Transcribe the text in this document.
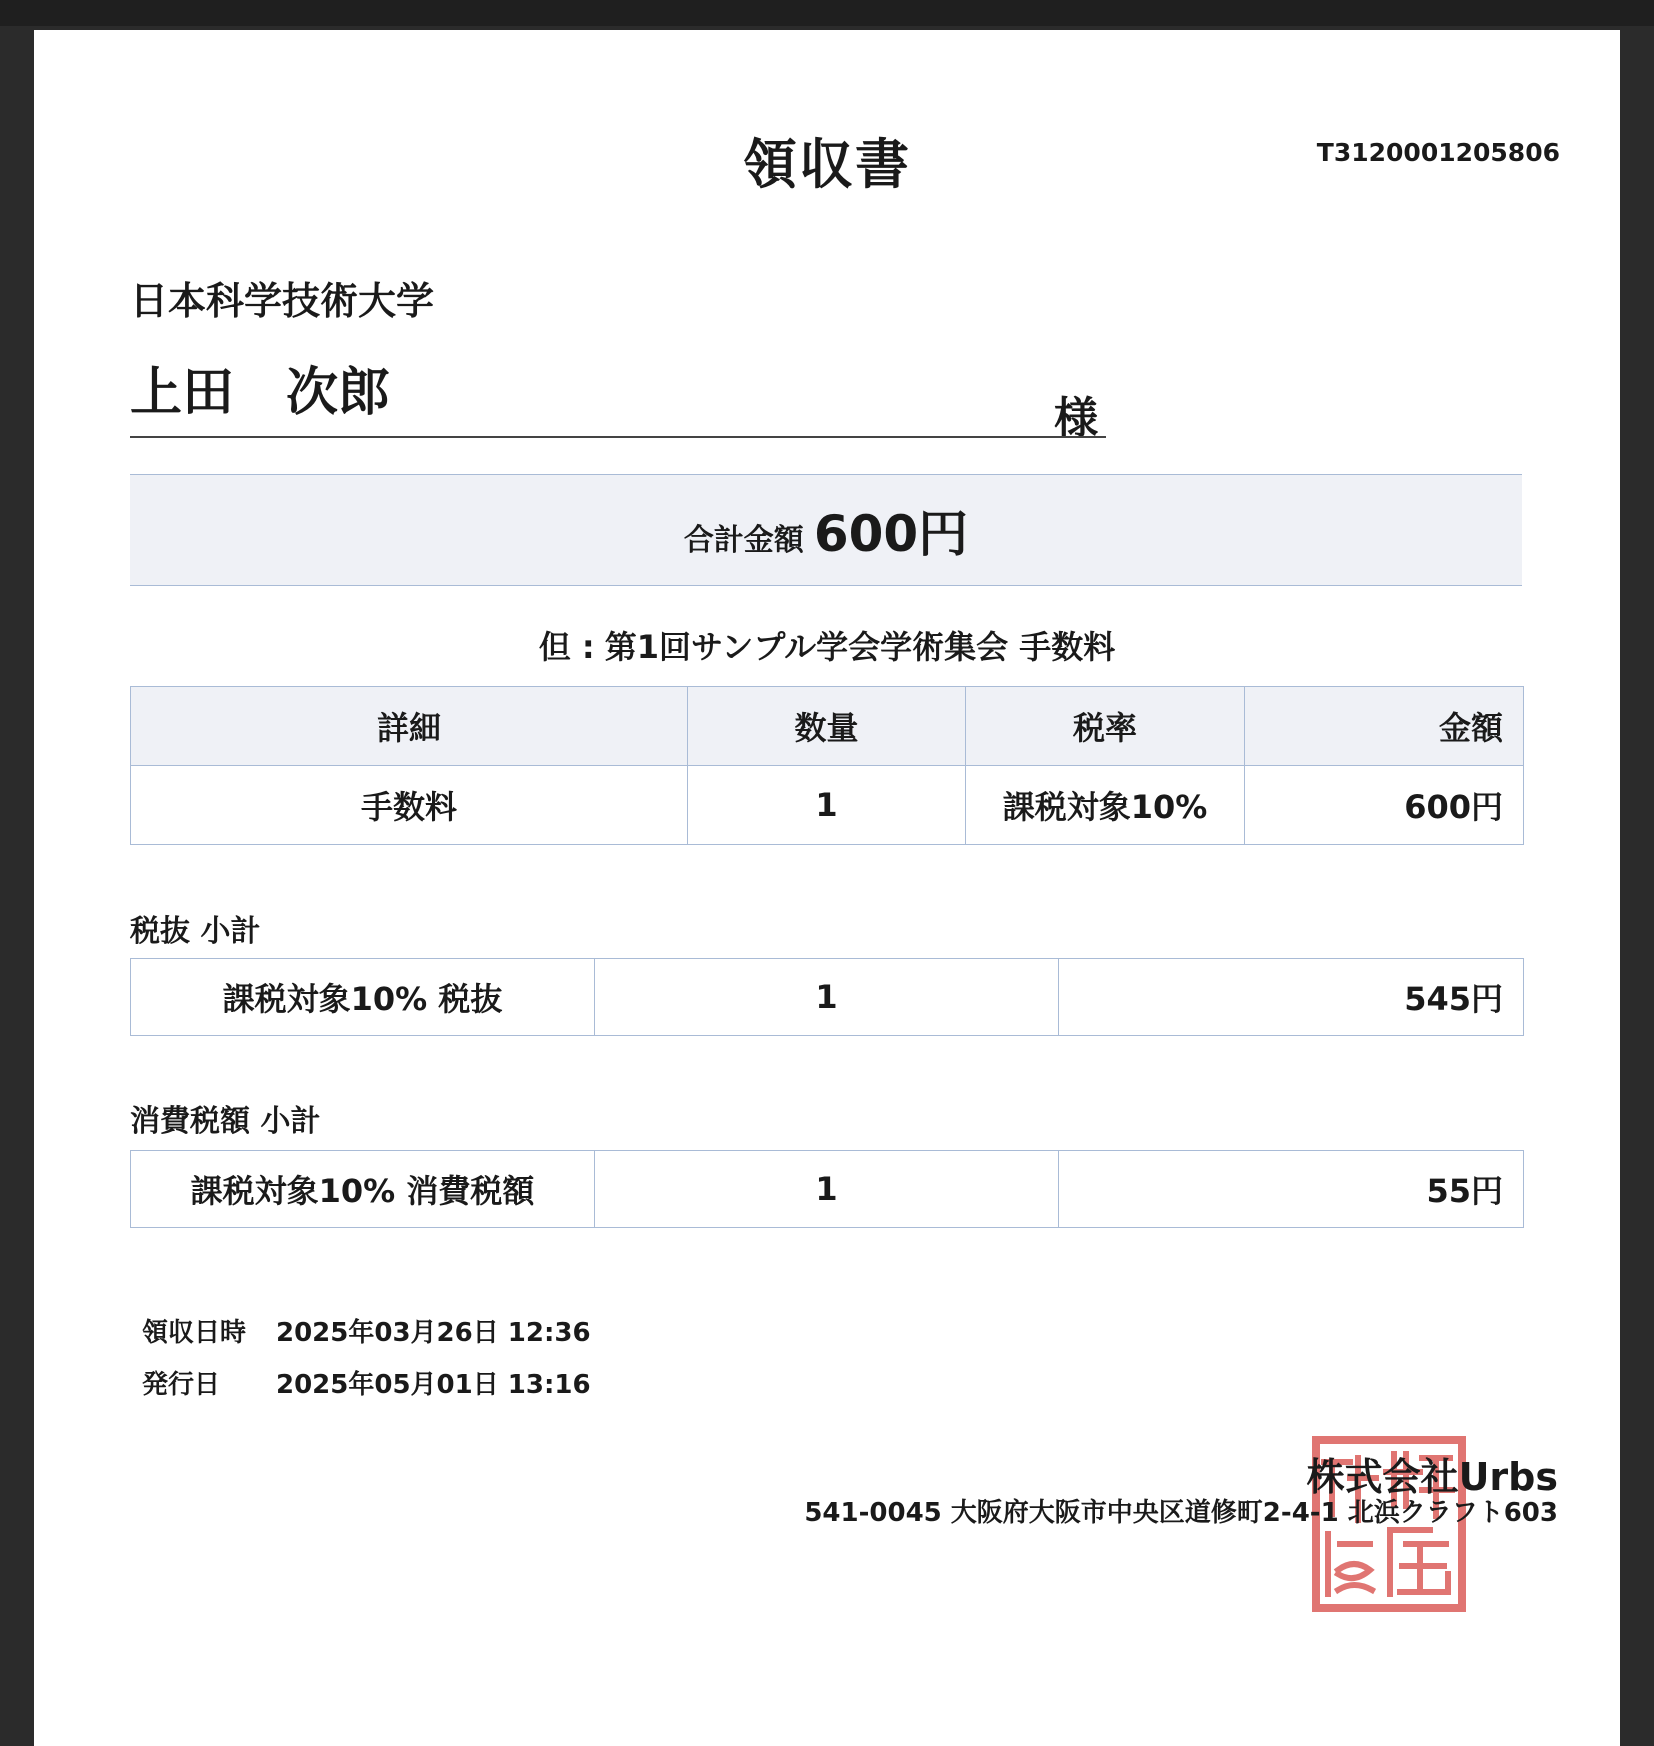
領収書	T3120001205806
日本科学技術大学
上田　次郎	様
合計金額 600円
但 : 第1回サンプル学会学術集会 手数料
詳細	数量	税率	金額
手数料	1	課税対象10%	600円
税抜 小計
課税対象10% 税抜	1	545円
消費税額 小計
課税対象10% 消費税額	1	55円
領収日時	2025年03月26日 12:36
発行日	2025年05月01日 13:16
株式会社Urbs
541-0045 大阪府大阪市中央区道修町2-4-1 北浜クラフト603
